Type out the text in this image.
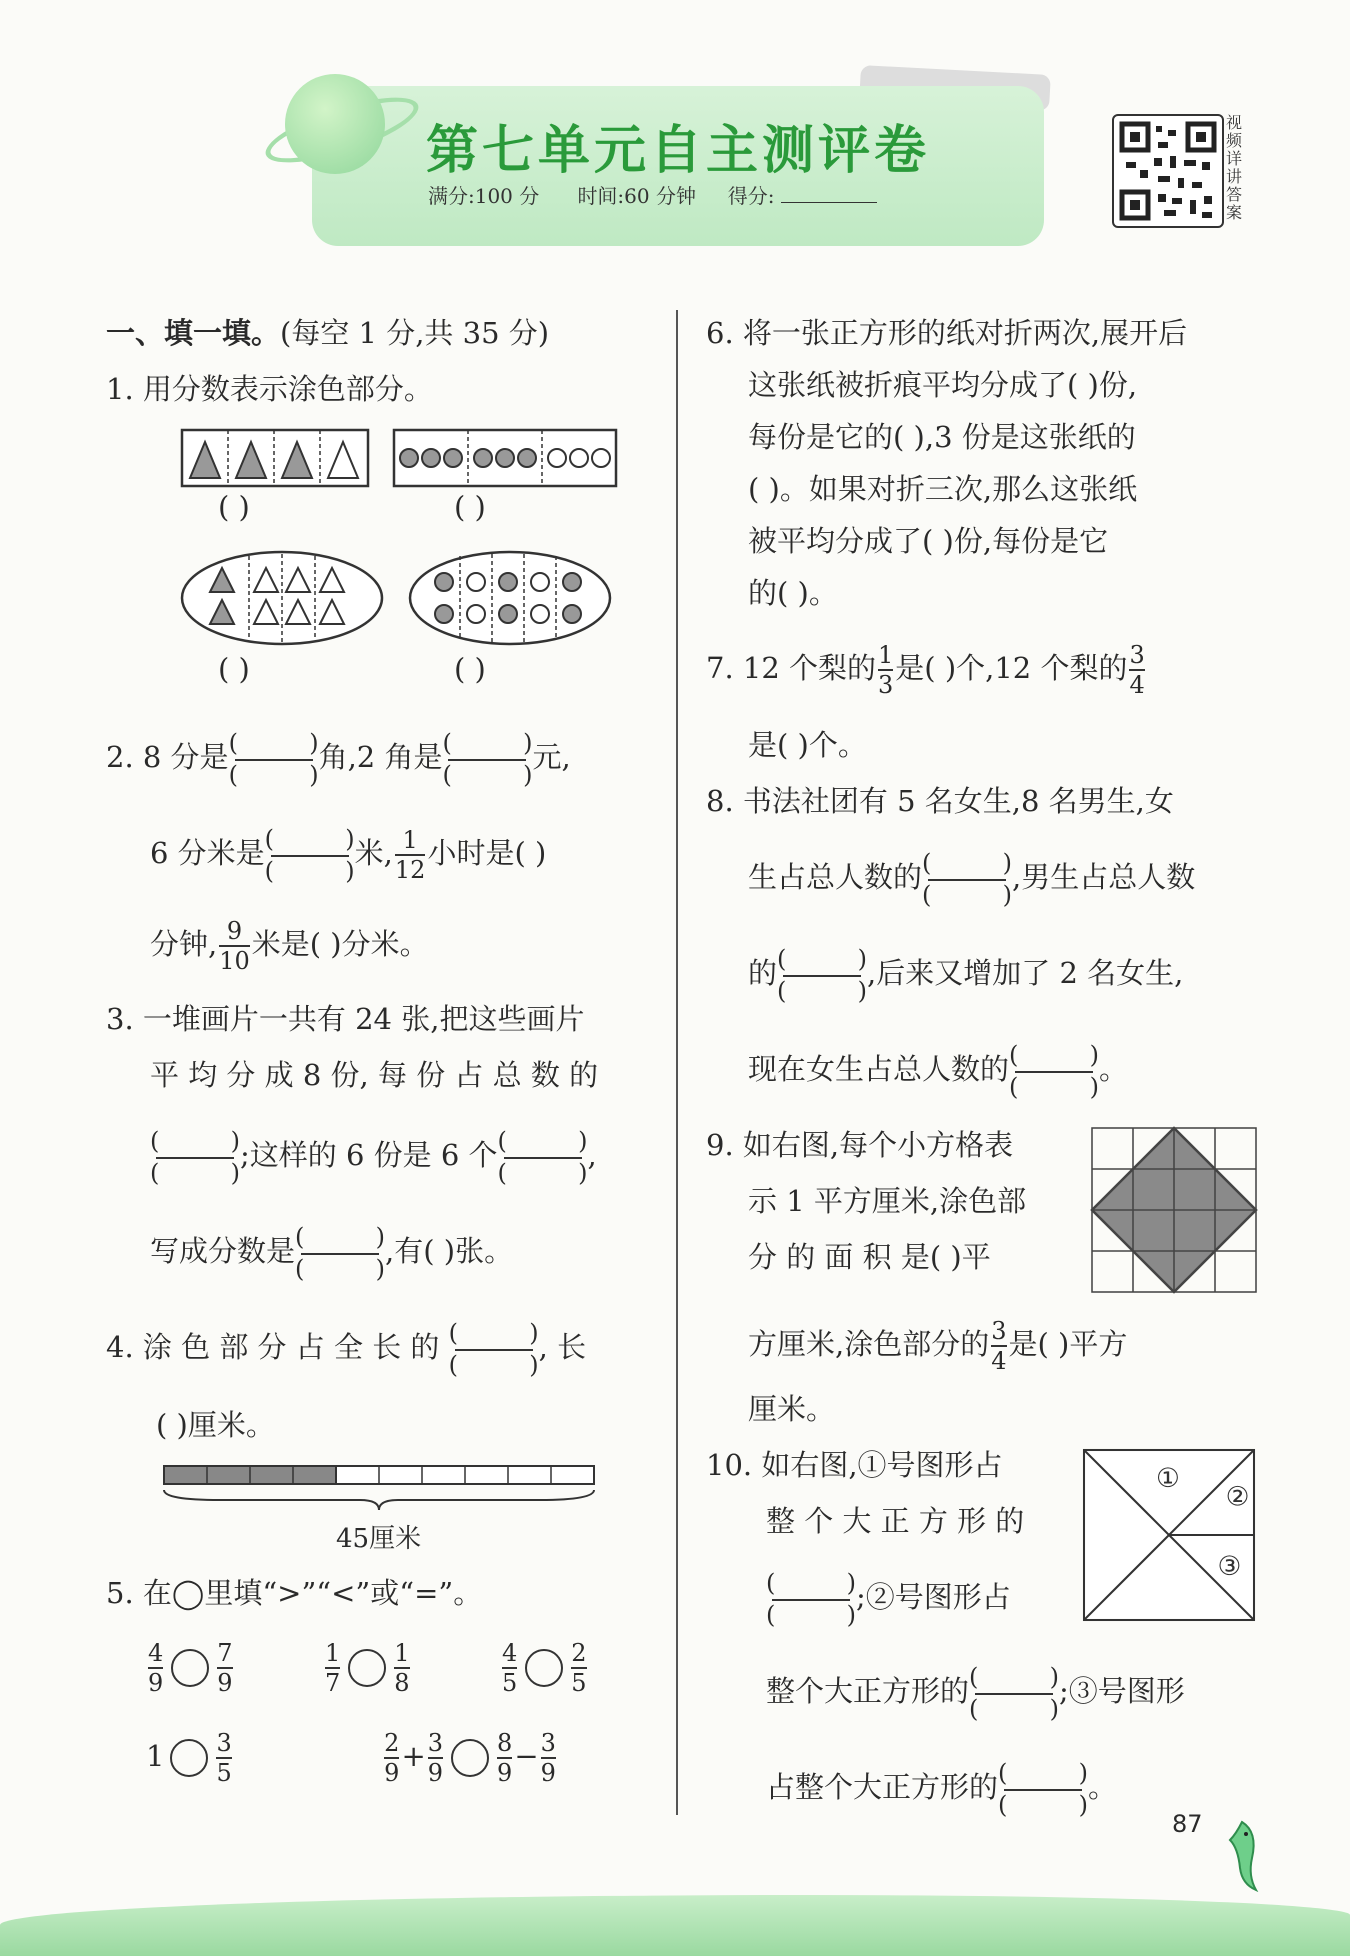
第七单元自主测评卷
满分:100 分 时间:60 分钟 得分:
视频详讲答案
一、填一填。(每空 1 分,共 35 分)
1. 用分数表示涂色部分。
( )	( )
( )	( )
2. 8 分是 (	)
(	)
角,2 角是 (	)
(	)
元,
6 分米是 (	)
(	)
米, $\frac{1}{12}$ 小时是( )
分钟, $\frac{9}{10}$ 米是( )分米。
3. 一堆画片一共有 24 张,把这些画片
平 均 分 成 8 份, 每 份 占 总 数 的
(	)
(	)
;这样的 6 份是 6 个 (	)
(	)
,
写成分数是 (	)
(	)
,有( )张。
4. 涂 色 部 分 占 全 长 的 (	)
(	)
, 长
( )厘米。
45厘米
5. 在◯里填“>”“<”或“=”。
$\frac{4}{9} \frac{7}{9}$
	$\frac{1}{7} \frac{1}{8}$
	$\frac{4}{5} \frac{2}{5}$
$1 \frac{3}{5}$
	$\frac{2}{9} + \frac{3}{9} \frac{8}{9} - \frac{3}{9}$
6. 将一张正方形的纸对折两次,展开后
这张纸被折痕平均分成了( )份,
每份是它的( ),3 份是这张纸的
( )。如果对折三次,那么这张纸
被平均分成了( )份,每份是它
的( )。
7. 12 个梨的 $\frac{1}{3}$ 是( )个,12 个梨的 $\frac{3}{4}$
是( )个。
8. 书法社团有 5 名女生,8 名男生,女
生占总人数的 (	)
(	)
,男生占总人数
的 (	)
(	)
,后来又增加了 2 名女生,
现在女生占总人数的 (	)
(	)
。
9. 如右图,每个小方格表
示 1 平方厘米,涂色部
分 的 面 积 是( )平
方厘米,涂色部分的 $\frac{3}{4}$ 是( )平方
厘米。
10. 如右图,①号图形占
整 个 大 正 方 形 的
(	)
(	)
;②号图形占
①
②
③
整个大正方形的 (	)
(	)
;③号图形
占整个大正方形的 (	)
(	)
。
87
